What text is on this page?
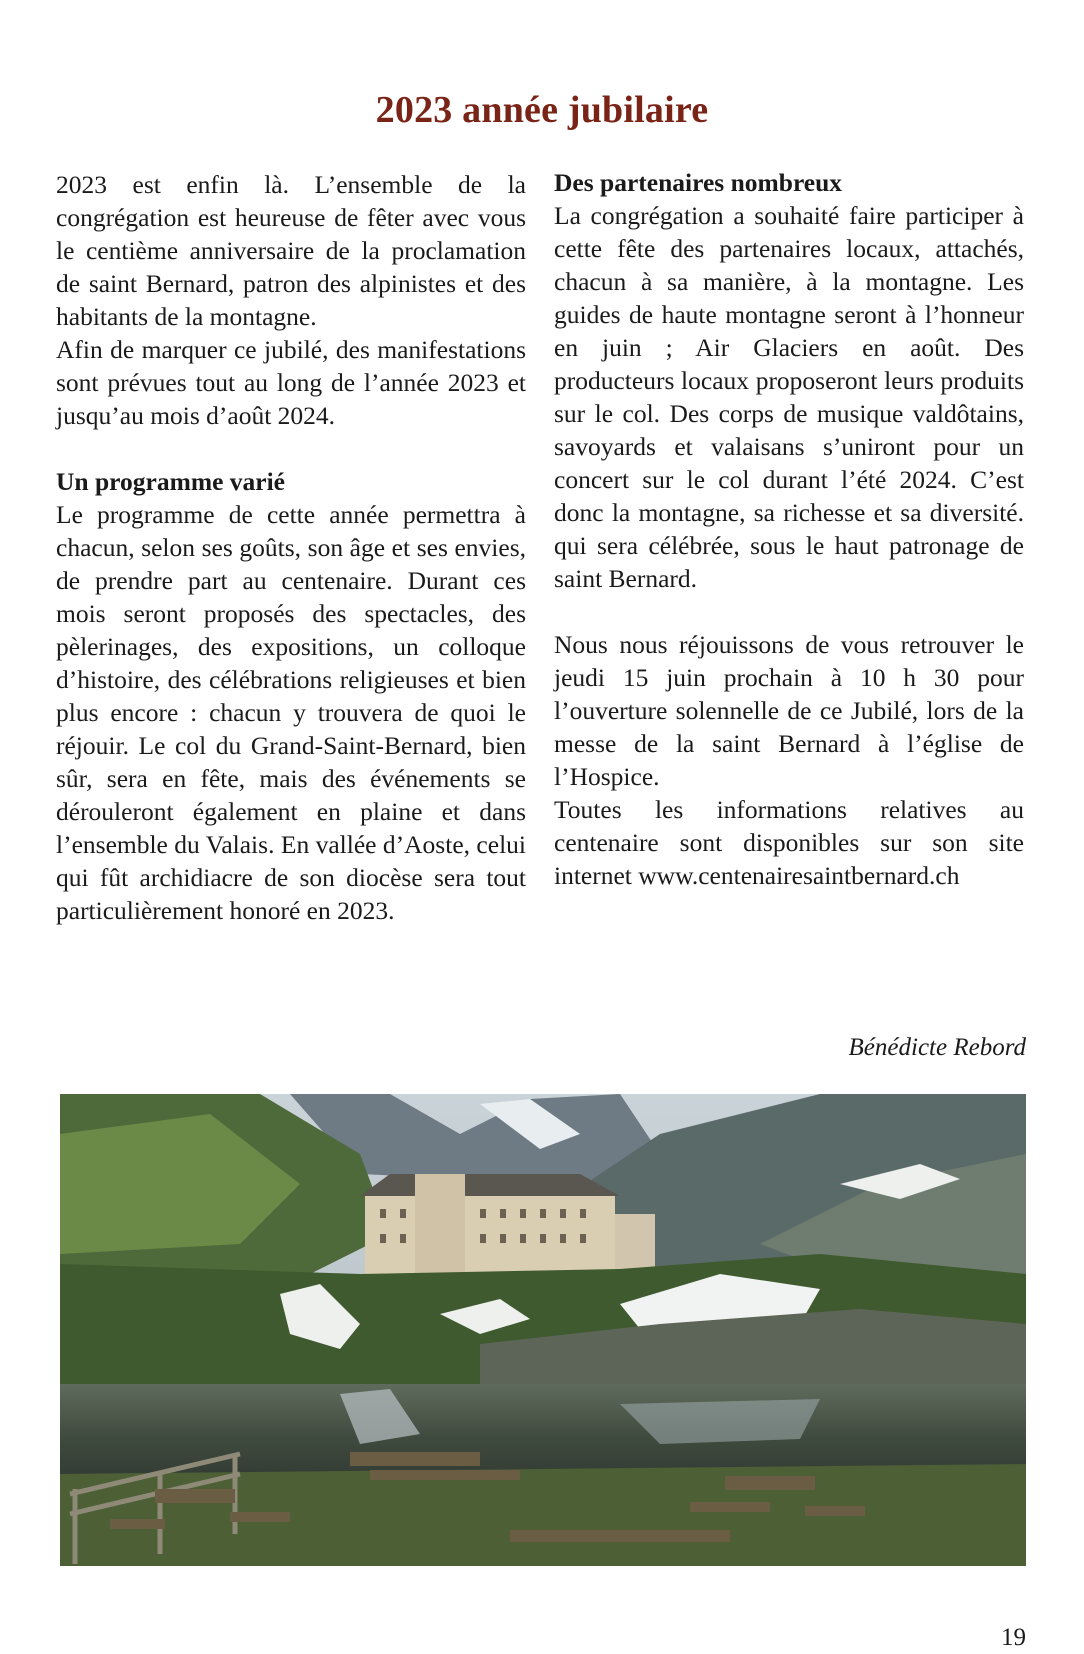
2023 année jubilaire

2023 est enfin là. L’ensemble de la congrégation est heureuse de fêter avec vous le centième anniversaire de la proclamation de saint Bernard, patron des alpinistes et des habitants de la montagne.

Afin de marquer ce jubilé, des manifestations sont prévues tout au long de l’année 2023 et jusqu’au mois d’août 2024.

Un programme varié

Le programme de cette année permettra à chacun, selon ses goûts, son âge et ses envies, de prendre part au centenaire. Durant ces mois seront proposés des spectacles, des pèlerinages, des expositions, un colloque d’histoire, des célébrations religieuses et bien plus encore : chacun y trouvera de quoi le réjouir. Le col du Grand-Saint-Bernard, bien sûr, sera en fête, mais des événements se dérouleront également en plaine et dans l’ensemble du Valais. En vallée d’Aoste, celui qui fût archidiacre de son diocèse sera tout particulièrement honoré en 2023.

Des partenaires nombreux

La congrégation a souhaité faire participer à cette fête des partenaires locaux, attachés, chacun à sa manière, à la montagne. Les guides de haute montagne seront à l’honneur en juin ; Air Glaciers en août. Des producteurs locaux proposeront leurs produits sur le col. Des corps de musique valdôtains, savoyards et valaisans s’uniront pour un concert sur le col durant l’été 2024. C’est donc la montagne, sa richesse et sa diversité. qui sera célébrée, sous le haut patronage de saint Bernard.

Nous nous réjouissons de vous retrouver le jeudi 15 juin prochain à 10 h 30 pour l’ouverture solennelle de ce Jubilé, lors de la messe de la saint Bernard à l’église de l’Hospice.

Toutes les informations relatives au centenaire sont disponibles sur son site internet www.centenairesaintbernard.ch

Bénédicte Rebord

19
